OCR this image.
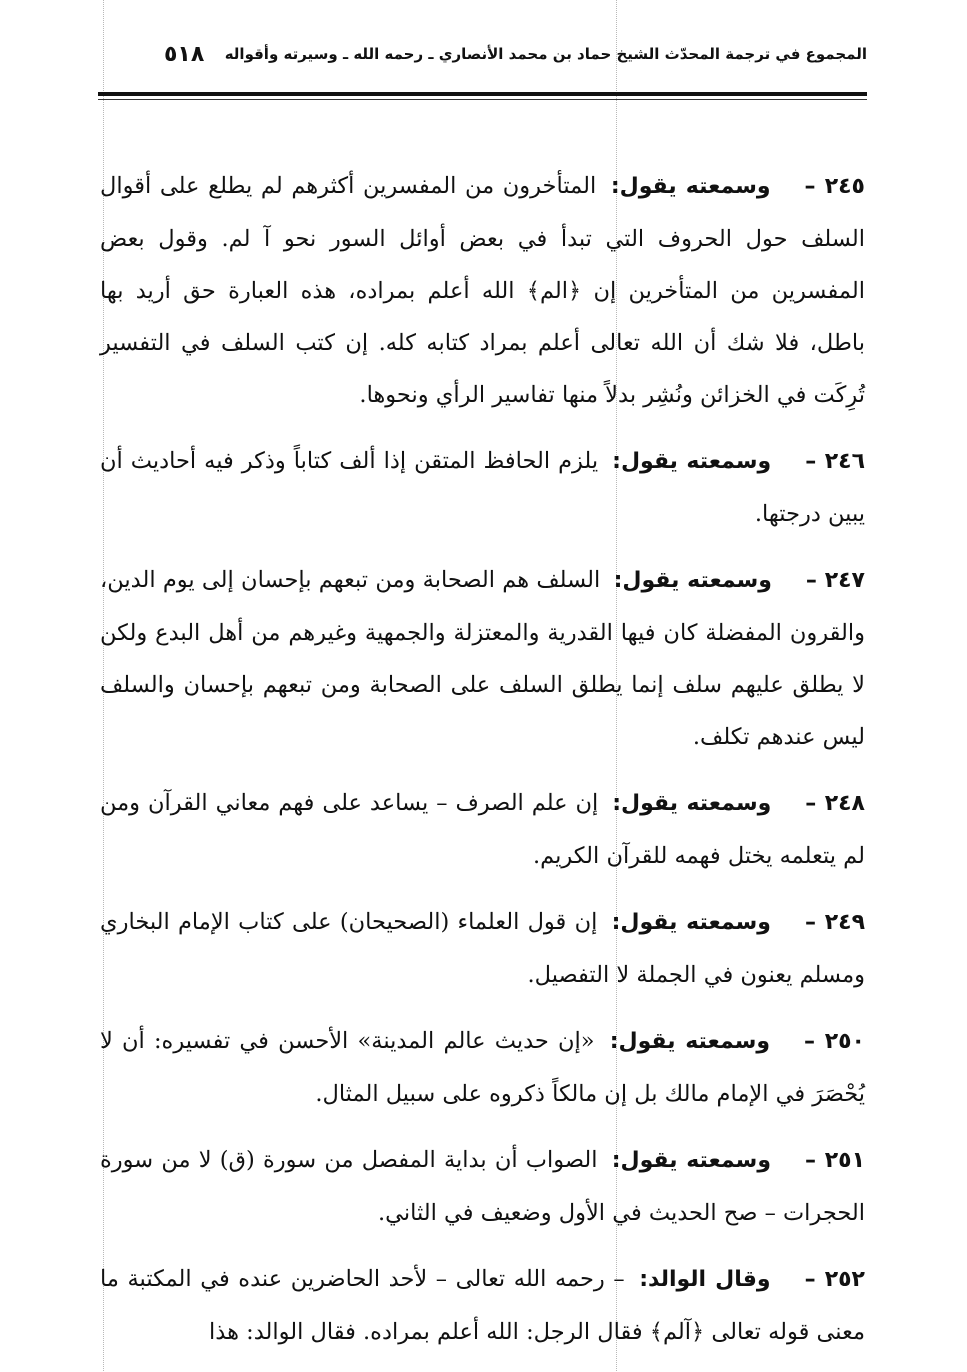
٥١٨ المجموع في ترجمة المحدّث الشيخ حماد بن محمد الأنصاري ـ رحمه الله ـ وسيرته وأقواله

٢٤٥ –وسمعته يقول: المتأخرون من المفسرين أكثرهم لم يطلع على أقوال السلف حول الحروف التي تبدأ في بعض أوائل السور نحو آ لم. وقول بعض المفسرين من المتأخرين إن ﴿الم﴾ الله أعلم بمراده، هذه العبارة حق أريد بها باطل، فلا شك أن الله تعالى أعلم بمراد كتابه كله. إن كتب السلف في التفسير تُرِكَت في الخزائن ونُشِر بدلاً منها تفاسير الرأي ونحوها.

٢٤٦ –وسمعته يقول: يلزم الحافظ المتقن إذا ألف كتاباً وذكر فيه أحاديث أن يبين درجتها.

٢٤٧ –وسمعته يقول: السلف هم الصحابة ومن تبعهم بإحسان إلى يوم الدين، والقرون المفضلة كان فيها القدرية والمعتزلة والجمهية وغيرهم من أهل البدع ولكن لا يطلق عليهم سلف إنما يطلق السلف على الصحابة ومن تبعهم بإحسان والسلف ليس عندهم تكلف.

٢٤٨ –وسمعته يقول: إن علم الصرف – يساعد على فهم معاني القرآن ومن لم يتعلمه يختل فهمه للقرآن الكريم.

٢٤٩ –وسمعته يقول: إن قول العلماء (الصحيحان) على كتاب الإمام البخاري ومسلم يعنون في الجملة لا التفصيل.

٢٥٠ –وسمعته يقول: «إن حديث عالم المدينة» الأحسن في تفسيره: أن لا يُحْصَرَ في الإمام مالك بل إن مالكاً ذكروه على سبيل المثال.

٢٥١ –وسمعته يقول: الصواب أن بداية المفصل من سورة (ق) لا من سورة الحجرات – صح الحديث في الأول وضعيف في الثاني.

٢٥٢ –وقال الوالد: – رحمه الله تعالى – لأحد الحاضرين عنده في المكتبة ما معنى قوله تعالى ﴿آلم﴾ فقال الرجل: الله أعلم بمراده. فقال الوالد: هذا
